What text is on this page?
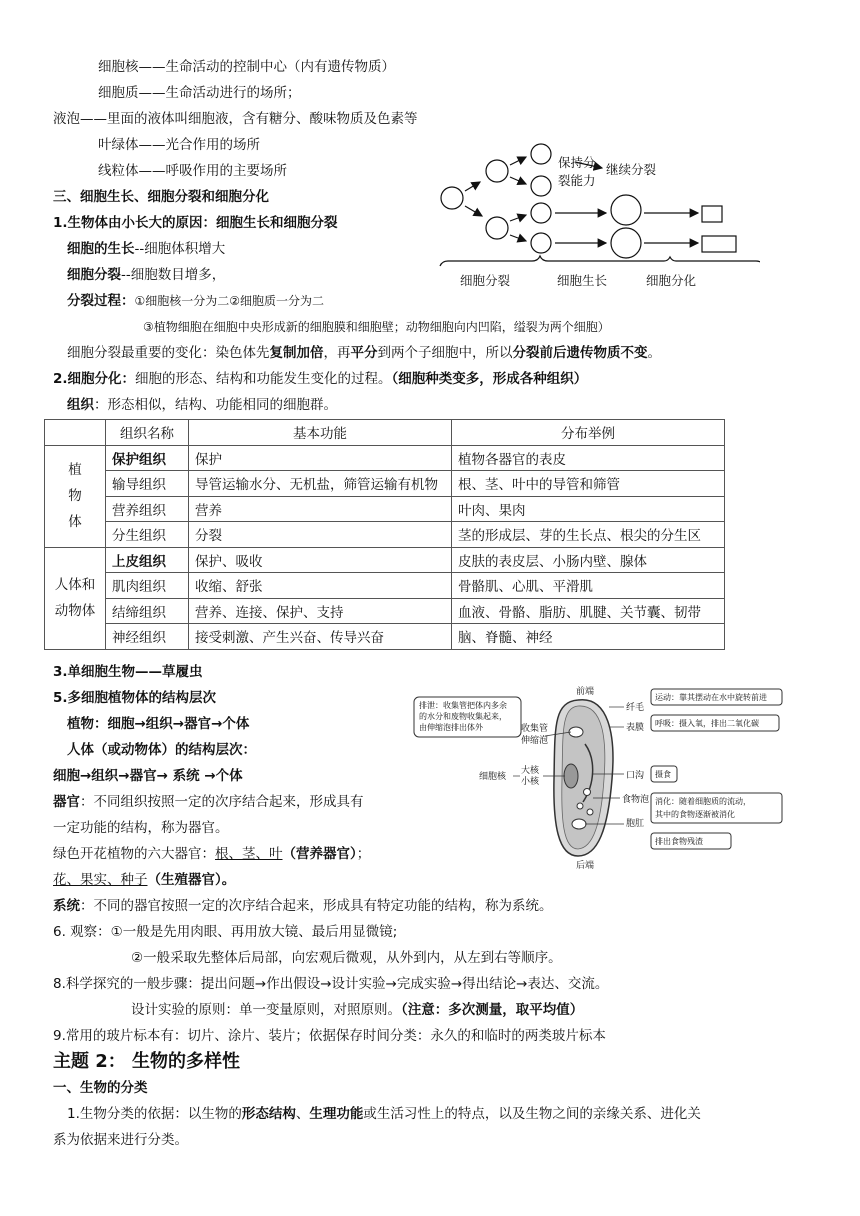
细胞核——生命活动的控制中心（内有遗传物质）
细胞质——生命活动进行的场所；
液泡——里面的液体叫细胞液，含有糖分、酸味物质及色素等
叶绿体——光合作用的场所
线粒体——呼吸作用的主要场所
三、细胞生长、细胞分裂和细胞分化
1.生物体由小长大的原因：细胞生长和细胞分裂
细胞的生长--细胞体积增大
细胞分裂--细胞数目增多，
分裂过程：①细胞核一分为二②细胞质一分为二
③植物细胞在细胞中央形成新的细胞膜和细胞壁；动物细胞向内凹陷，缢裂为两个细胞）
细胞分裂最重要的变化：染色体先复制加倍，再平分到两个子细胞中，所以分裂前后遗传物质不变。
2.细胞分化：细胞的形态、结构和功能发生变化的过程。（细胞种类变多，形成各种组织）
组织：形态相似，结构、功能相同的细胞群。
保持分
裂能力
继续分裂
细胞分裂	细胞生长	细胞分化
	组织名称	基本功能	分布举例
植
物
体	保护组织	保护	植物各器官的表皮
	输导组织	导管运输水分、无机盐，筛管运输有机物	根、茎、叶中的导管和筛管
	营养组织	营养	叶肉、果肉
	分生组织	分裂	茎的形成层、芽的生长点、根尖的分生区
人体和
动物体	上皮组织	保护、吸收	皮肤的表皮层、小肠内壁、腺体
	肌肉组织	收缩、舒张	骨骼肌、心肌、平滑肌
	结缔组织	营养、连接、保护、支持	血液、骨骼、脂肪、肌腱、关节囊、韧带
	神经组织	接受刺激、产生兴奋、传导兴奋	脑、脊髓、神经
3.单细胞生物——草履虫
5.多细胞植物体的结构层次
植物：细胞→组织→器官→个体
人体（或动物体）的结构层次：
细胞→组织→器官→ 系统 →个体
器官：不同组织按照一定的次序结合起来，形成具有
一定功能的结构，称为器官。
绿色开花植物的六大器官：根、茎、叶（营养器官）；
花、果实、种子（生殖器官）。
系统：不同的器官按照一定的次序结合起来，形成具有特定功能的结构，称为系统。
6. 观察：①一般是先用肉眼、再用放大镜、最后用显微镜;
②一般采取先整体后局部，向宏观后微观，从外到内，从左到右等顺序。
8.科学探究的一般步骤：提出问题→作出假设→设计实验→完成实验→得出结论→表达、交流。
设计实验的原则：单一变量原则，对照原则。（注意：多次测量，取平均值）
9.常用的玻片标本有：切片、涂片、装片；依据保存时间分类：永久的和临时的两类玻片标本
前端
后端
收集管
伸缩泡
大核
小核
细胞核
纤毛
表膜
口沟
食物泡
胞肛
排泄：收集管把体内多余
的水分和废物收集起来，
由伸缩泡排出体外
运动：靠其摆动在水中旋转前进
呼吸：摄入氧，排出二氧化碳
摄食
消化：随着细胞质的流动，
其中的食物逐渐被消化
排出食物残渣
主题 2： 生物的多样性
一、生物的分类
1.生物分类的依据：以生物的形态结构、生理功能或生活习性上的特点，以及生物之间的亲缘关系、进化关
系为依据来进行分类。
